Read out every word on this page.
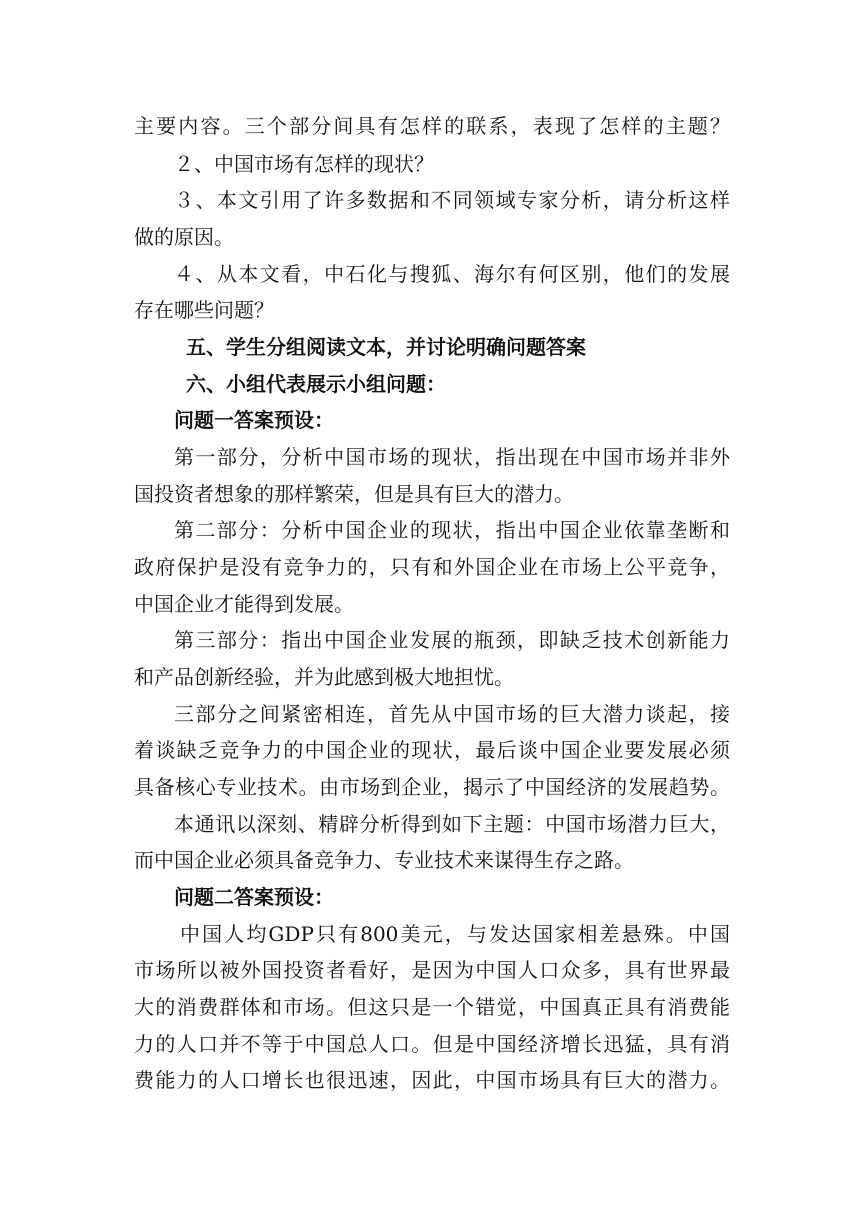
主要内容。三个部分间具有怎样的联系，表现了怎样的主题？
２、中国市场有怎样的现状？
３、本文引用了许多数据和不同领域专家分析，请分析这样
做的原因。
４、从本文看，中石化与搜狐、海尔有何区别，他们的发展
存在哪些问题？
五、学生分组阅读文本，并讨论明确问题答案
六、小组代表展示小组问题：
问题一答案预设：
第一部分，分析中国市场的现状，指出现在中国市场并非外
国投资者想象的那样繁荣，但是具有巨大的潜力。
第二部分：分析中国企业的现状，指出中国企业依靠垄断和
政府保护是没有竞争力的，只有和外国企业在市场上公平竞争，
中国企业才能得到发展。
第三部分：指出中国企业发展的瓶颈，即缺乏技术创新能力
和产品创新经验，并为此感到极大地担忧。
三部分之间紧密相连，首先从中国市场的巨大潜力谈起，接
着谈缺乏竞争力的中国企业的现状，最后谈中国企业要发展必须
具备核心专业技术。由市场到企业，揭示了中国经济的发展趋势。
本通讯以深刻、精辟分析得到如下主题：中国市场潜力巨大，
而中国企业必须具备竞争力、专业技术来谋得生存之路。
问题二答案预设：
中国人均GDP只有800美元，与发达国家相差悬殊。中国
市场所以被外国投资者看好，是因为中国人口众多，具有世界最
大的消费群体和市场。但这只是一个错觉，中国真正具有消费能
力的人口并不等于中国总人口。但是中国经济增长迅猛，具有消
费能力的人口增长也很迅速，因此，中国市场具有巨大的潜力。
